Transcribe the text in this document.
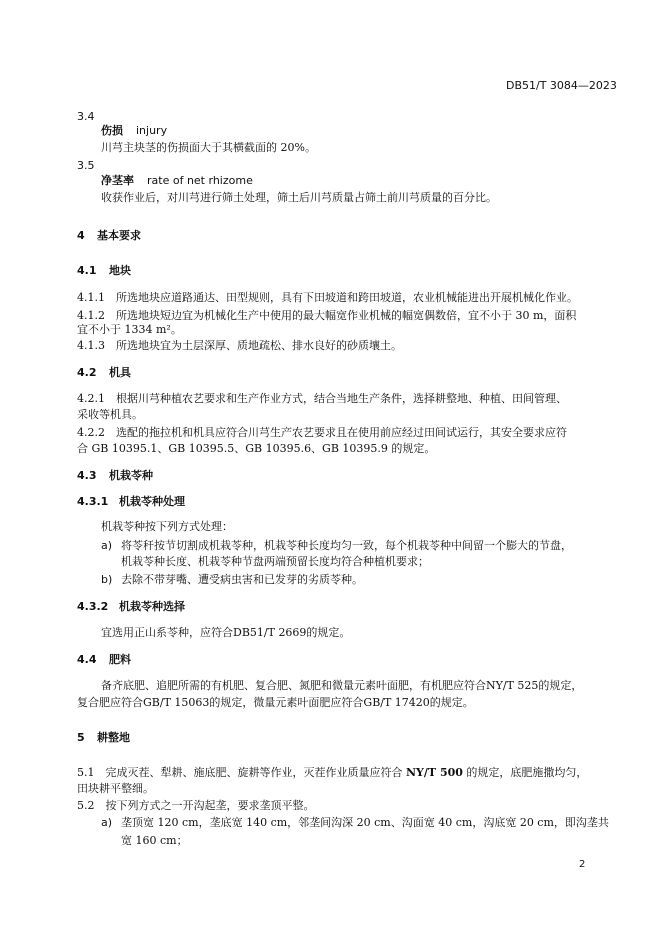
DB51/T 3084—2023
3.4
伤损 injury
川芎主块茎的伤损面大于其横截面的 20%。
3.5
净茎率 rate of net rhizome
收获作业后，对川芎进行筛土处理，筛土后川芎质量占筛土前川芎质量的百分比。
4 基本要求
4.1 地块
4.1.1　所选地块应道路通达、田型规则，具有下田坡道和跨田坡道，农业机械能进出开展机械化作业。
4.1.2　所选地块短边宜为机械化生产中使用的最大幅宽作业机械的幅宽偶数倍，宜不小于 30 m，面积
宜不小于 1334 m²。
4.1.3　所选地块宜为土层深厚、质地疏松、排水良好的砂质壤土。
4.2 机具
4.2.1　根据川芎种植农艺要求和生产作业方式，结合当地生产条件，选择耕整地、种植、田间管理、
采收等机具。
4.2.2　选配的拖拉机和机具应符合川芎生产农艺要求且在使用前应经过田间试运行，其安全要求应符
合 GB 10395.1、GB 10395.5、GB 10395.6、GB 10395.9 的规定。
4.3 机栽苓种
4.3.1 机栽苓种处理
机栽苓种按下列方式处理：
a) 将苓秆按节切割成机栽苓种，机栽苓种长度均匀一致，每个机栽苓种中间留一个膨大的节盘，
机栽苓种长度、机栽苓种节盘两端预留长度均符合种植机要求；
b) 去除不带芽嘴、遭受病虫害和已发芽的劣质苓种。
4.3.2 机栽苓种选择
宜选用正山系苓种，应符合DB51/T 2669的规定。
4.4 肥料
备齐底肥、追肥所需的有机肥、复合肥、氮肥和微量元素叶面肥，有机肥应符合NY/T 525的规定，
复合肥应符合GB/T 15063的规定，微量元素叶面肥应符合GB/T 17420的规定。
5 耕整地
5.1　完成灭茬、犁耕、施底肥、旋耕等作业，灭茬作业质量应符合 NY/T 500 的规定，底肥施撒均匀，
田块耕平整细。
5.2　按下列方式之一开沟起垄，要求垄顶平整。
a) 垄顶宽 120 cm，垄底宽 140 cm，邻垄间沟深 20 cm、沟面宽 40 cm，沟底宽 20 cm，即沟垄共
宽 160 cm；
2
